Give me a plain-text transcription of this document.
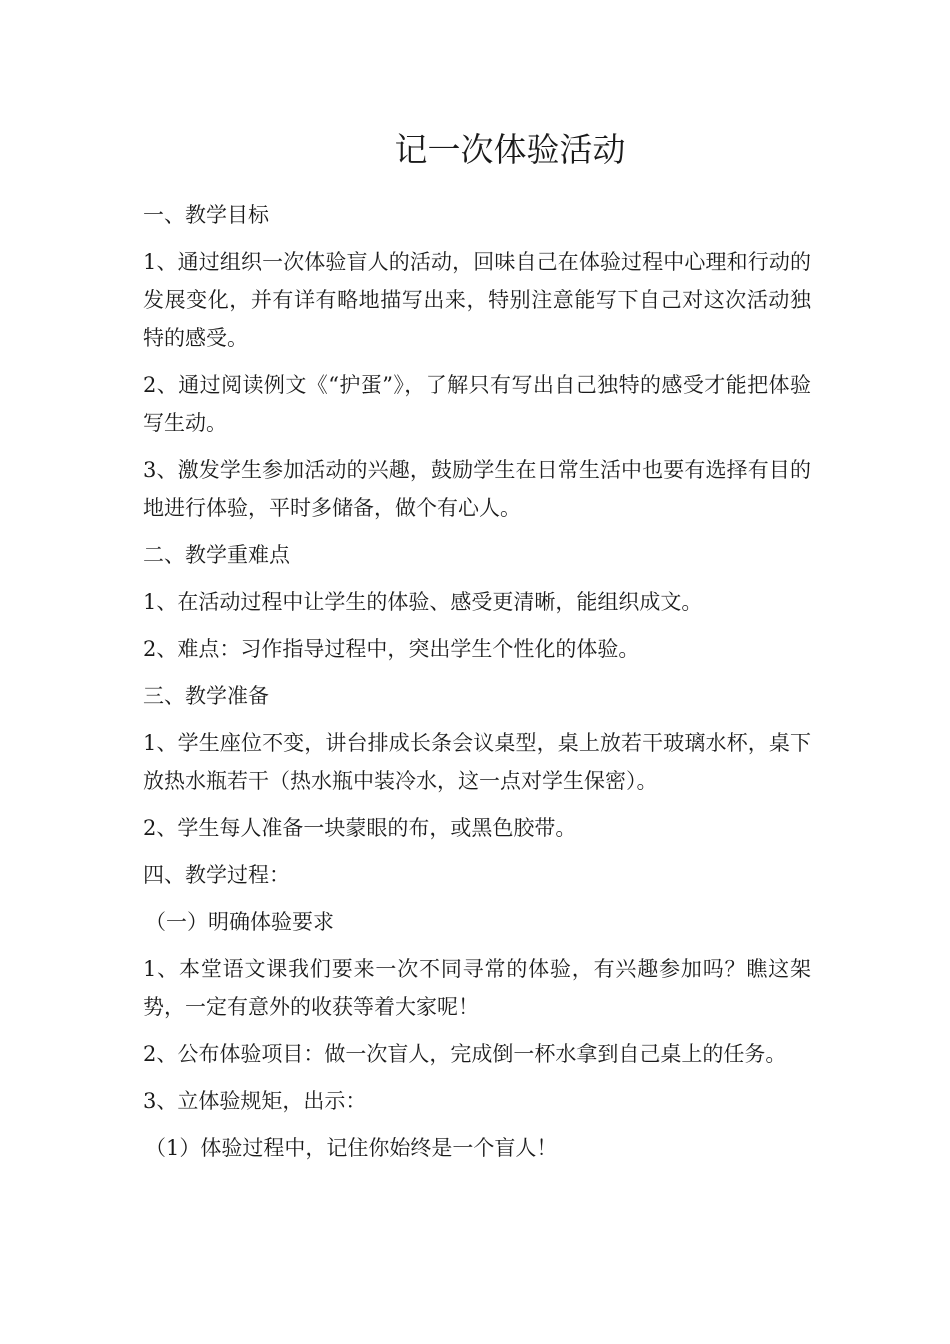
记一次体验活动

一、教学目标

1、通过组织一次体验盲人的活动，回味自己在体验过程中心理和行动的发展变化，并有详有略地描写出来，特别注意能写下自己对这次活动独特的感受。

2、通过阅读例文《“护蛋”》，了解只有写出自己独特的感受才能把体验写生动。

3、激发学生参加活动的兴趣，鼓励学生在日常生活中也要有选择有目的地进行体验，平时多储备，做个有心人。

二、教学重难点

1、在活动过程中让学生的体验、感受更清晰，能组织成文。

2、难点：习作指导过程中，突出学生个性化的体验。

三、教学准备

1、学生座位不变，讲台排成长条会议桌型，桌上放若干玻璃水杯，桌下放热水瓶若干（热水瓶中装冷水，这一点对学生保密）。

2、学生每人准备一块蒙眼的布，或黑色胶带。

四、教学过程：

（一）明确体验要求

1、本堂语文课我们要来一次不同寻常的体验，有兴趣参加吗？瞧这架势，一定有意外的收获等着大家呢！

2、公布体验项目：做一次盲人，完成倒一杯水拿到自己桌上的任务。

3、立体验规矩，出示：

（1）体验过程中，记住你始终是一个盲人！
